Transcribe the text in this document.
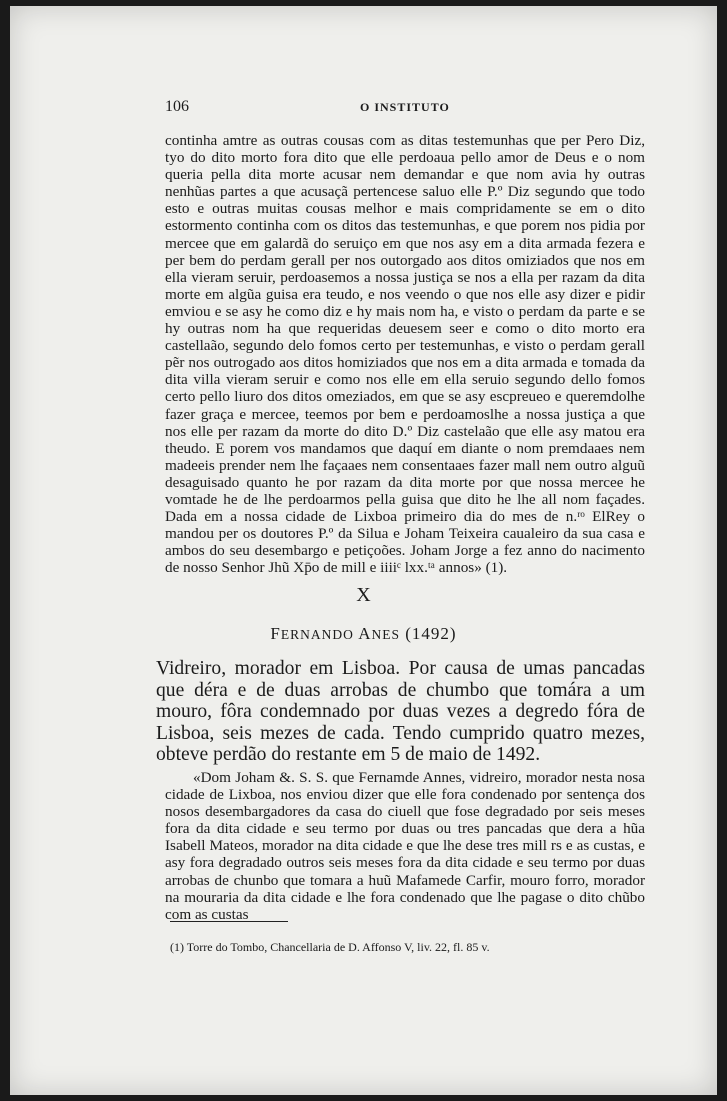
106	O INSTITUTO

continha amtre as outras cousas com as ditas testemunhas que per Pero Diz, tyo do dito morto fora dito que elle perdoaua pello amor de Deus e o nom queria pella dita morte acusar nem demandar e que nom avia hy outras nenhũas partes a que acusaçã pertencese saluo elle P.º Diz segundo que todo esto e outras muitas cousas melhor e mais compridamente se em o dito estormento continha com os ditos das testemunhas, e que porem nos pidia por mercee que em galardã do seruiço em que nos asy em a dita armada fezera e per bem do perdam gerall per nos outorgado aos ditos omiziados que nos em ella vieram seruir, perdoasemos a nossa justiça se nos a ella per razam da dita morte em algũa guisa era teudo, e nos veendo o que nos elle asy dizer e pidir emviou e se asy he como diz e hy mais nom ha, e visto o perdam da parte e se hy outras nom ha que requeridas deuesem seer e como o dito morto era castellaão, segundo delo fomos certo per testemunhas, e visto o perdam gerall pẽr nos outrogado aos ditos homiziados que nos em a dita armada e tomada da dita villa vieram seruir e como nos elle em ella seruio segundo dello fomos certo pello liuro dos ditos omeziados, em que se asy escpreueo e queremdolhe fazer graça e mercee, teemos por bem e perdoamoslhe a nossa justiça a que nos elle per razam da morte do dito D.º Diz castelaão que elle asy matou era theudo. E porem vos mandamos que daquí em diante o nom premdaaes nem madeeis prender nem lhe façaaes nem consentaaes fazer mall nem outro alguũ desaguisado quanto he por razam da dita morte por que nossa mercee he vomtade he de lhe perdoarmos pella guisa que dito he lhe all nom façades. Dada em a nossa cidade de Lixboa primeiro dia do mes de n.ʳᵒ ElRey o mandou per os doutores P.º da Silua e Joham Teixeira caualeiro da sua casa e ambos do seu desembargo e petiçoões. Joham Jorge a fez anno do nacimento de nosso Senhor Jhũ Xp̄o de mill e iiiiᶜ lxx.ᵗᵃ annos» (1).

X
FERNANDO ANES (1492)
Vidreiro, morador em Lisboa. Por causa de umas pancadas que déra e de duas arrobas de chumbo que tomára a um mouro, fôra condemnado por duas vezes a degredo fóra de Lisboa, seis mezes de cada. Tendo cumprido quatro mezes, obteve perdão do restante em 5 de maio de 1492.

«Dom Joham &. S. S. que Fernamde Annes, vidreiro, morador nesta nosa cidade de Lixboa, nos enviou dizer que elle fora condenado por sentença dos nosos desembargadores da casa do ciuell que fose degradado por seis meses fora da dita cidade e seu termo por duas ou tres pancadas que dera a hũa Isabell Mateos, morador na dita cidade e que lhe dese tres mill rs e as custas, e asy fora degradado outros seis meses fora da dita cidade e seu termo por duas arrobas de chunbo que tomara a huũ Mafamede Carfir, mouro forro, morador na mouraria da dita cidade e lhe fora condenado que lhe pagase o dito chũbo com as custas

(1) Torre do Tombo, Chancellaria de D. Affonso V, liv. 22, fl. 85 v.
